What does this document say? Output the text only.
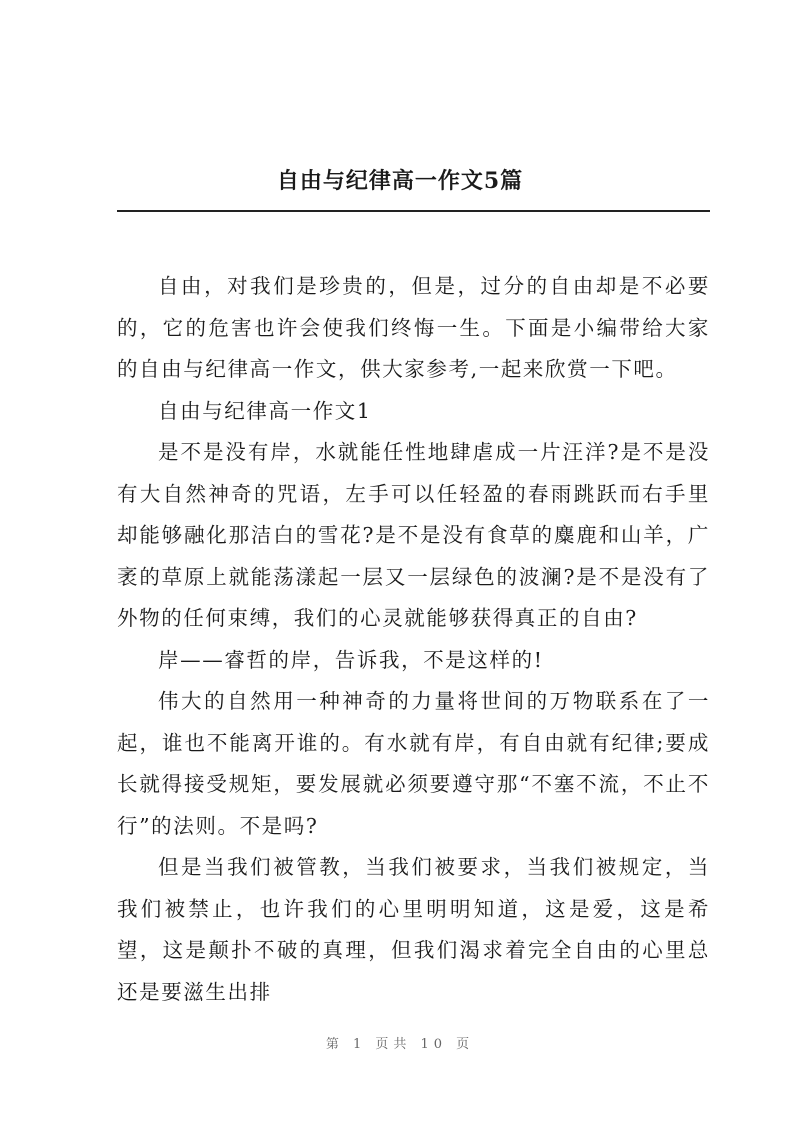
自由与纪律高一作文5篇

自由，对我们是珍贵的，但是，过分的自由却是不必要的，它的危害也许会使我们终悔一生。下面是小编带给大家的自由与纪律高一作文，供大家参考,一起来欣赏一下吧。

自由与纪律高一作文1

是不是没有岸，水就能任性地肆虐成一片汪洋?是不是没有大自然神奇的咒语，左手可以任轻盈的春雨跳跃而右手里却能够融化那洁白的雪花?是不是没有食草的麋鹿和山羊，广袤的草原上就能荡漾起一层又一层绿色的波澜?是不是没有了外物的任何束缚，我们的心灵就能够获得真正的自由?

岸——睿哲的岸，告诉我，不是这样的!

伟大的自然用一种神奇的力量将世间的万物联系在了一起，谁也不能离开谁的。有水就有岸，有自由就有纪律;要成长就得接受规矩，要发展就必须要遵守那“不塞不流，不止不行”的法则。不是吗?

但是当我们被管教，当我们被要求，当我们被规定，当我们被禁止，也许我们的心里明明知道，这是爱，这是希望，这是颠扑不破的真理，但我们渴求着完全自由的心里总还是要滋生出排

第 1 页共 10 页
